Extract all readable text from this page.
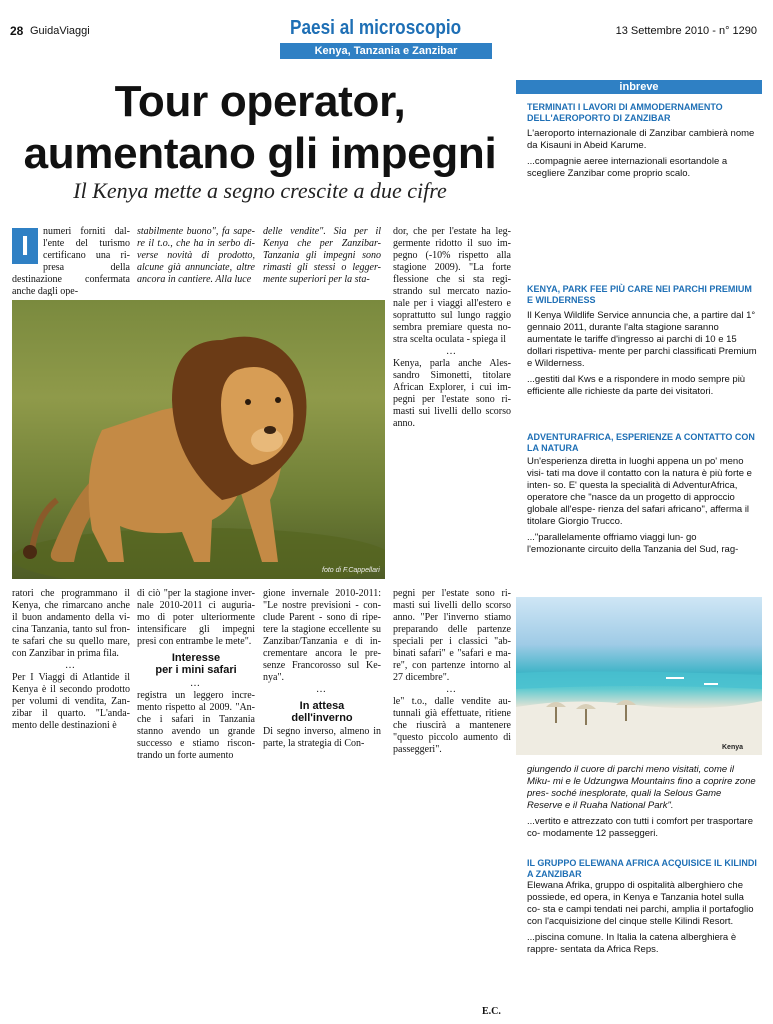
28 GuidaViaggi	Paesi al microscopio	13 Settembre 2010 - n° 1290
Kenya, Tanzania e Zanzibar
Tour operator,
aumentano gli impegni
Il Kenya mette a segno crescite a due cifre
I	numeri forniti dal- l'ente del turismo certificano una ri- presa della destinazione confermata anche dagli ope-
stabilmente buono", fa sape- re il t.o., che ha in serbo di- verse novità di prodotto, alcune già annunciate, altre ancora in cantiere. Alla luce
delle vendite". Sia per il Kenya che per Zanzibar- Tanzania gli impegni sono rimasti gli stessi o legger- mente superiori per la sta-
foto di F.Cappellari

dor, che per l'estate ha leg- germente ridotto il suo im- pegno (-10% rispetto alla stagione 2009). "La forte flessione che si sta regi- strando sul mercato nazio- nale per i viaggi all'estero e soprattutto sul lungo raggio sembra premiare questa no- stra scelta oculata - spiega il

…

Kenya, parla anche Ales- sandro Simonetti, titolare African Explorer, i cui im- pegni per l'estate sono ri- masti sui livelli dello scorso anno.

ratori che programmano il Kenya, che rimarcano anche il buon andamento della vi- cina Tanzania, tanto sul fron- te safari che su quello mare, con Zanzibar in prima fila.

…

Per I Viaggi di Atlantide il Kenya è il secondo prodotto per volumi di vendita, Zan- zibar il quarto. "L'anda- mento delle destinazioni è

di ciò "per la stagione inver- nale 2010-2011 ci auguria- mo di poter ulteriormente intensificare gli impegni presi con entrambe le mete".

Interesse
per i mini safari

…

registra un leggero incre- mento rispetto al 2009. "An- che i safari in Tanzania stanno avendo un grande successo e stiamo riscon- trando un forte aumento

gione invernale 2010-2011: "Le nostre previsioni - con- clude Parent - sono di ripe- tere la stagione eccellente su Zanzibar/Tanzania e di in- crementare ancora le pre- senze Francorosso sul Ke- nya".

…

In attesa
dell'inverno

Di segno inverso, almeno in parte, la strategia di Con-

pegni per l'estate sono ri- masti sui livelli dello scorso anno. "Per l'inverno stiamo preparando delle partenze speciali per i classici "ab- binati safari" e "safari e ma- re", con partenze intorno al 27 dicembre".

…

le" t.o., dalle vendite au- tunnali già effettuate, ritiene che riuscirà a mantenere "questo piccolo aumento di passeggeri".

E.C.
inbreve
TERMINATI I LAVORI DI AMMODERNAMENTO DELL'AEROPORTO DI ZANZIBAR

L'aeroporto internazionale di Zanzibar cambierà nome da Kisauni in Abeid Karume.

...compagnie aeree internazionali esortandole a scegliere Zanzibar come proprio scalo.

KENYA, PARK FEE PIÙ CARE NEI PARCHI PREMIUM E WILDERNESS

Il Kenya Wildlife Service annuncia che, a partire dal 1° gennaio 2011, durante l'alta stagione saranno aumentate le tariffe d'ingresso ai parchi di 10 e 15 dollari rispettiva- mente per parchi classificati Premium e Wilderness.

...gestiti dal Kws e a rispondere in modo sempre più efficiente alle richieste da parte dei visitatori.

ADVENTURAFRICA, ESPERIENZE A CONTATTO CON LA NATURA

Un'esperienza diretta in luoghi appena un po' meno visi- tati ma dove il contatto con la natura è più forte e inten- so. E' questa la specialità di AdventurAfrica, operatore che "nasce da un progetto di approccio globale all'espe- rienza del safari africano", afferma il titolare Giorgio Trucco.

..."parallelamente offriamo viaggi lun- go l'emozionante circuito della Tanzania del Sud, rag-

Kenya

giungendo il cuore di parchi meno visitati, come il Miku- mi e le Udzungwa Mountains fino a coprire zone pres- soché inesplorate, quali la Selous Game Reserve e il Ruaha National Park".

...vertito e attrezzato con tutti i comfort per trasportare co- modamente 12 passeggeri.

IL GRUPPO ELEWANA AFRICA ACQUISICE IL KILINDI A ZANZIBAR

Elewana Afrika, gruppo di ospitalità alberghiero che possiede, ed opera, in Kenya e Tanzania hotel sulla co- sta e campi tendati nei parchi, amplia il portafoglio con l'acquisizione del cinque stelle Kilindi Resort.

...piscina comune. In Italia la catena alberghiera è rappre- sentata da Africa Reps.
